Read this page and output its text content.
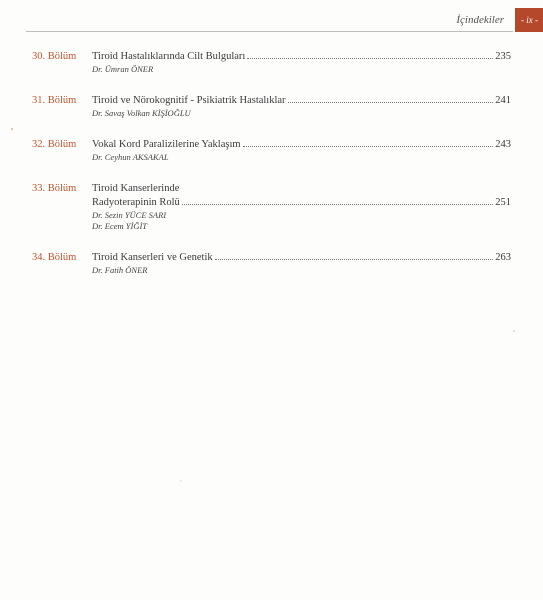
İçindekiler	- ix -
30. Bölüm	Tiroid Hastalıklarında Cilt Bulguları	235
Dr. Ümran ÖNER
31. Bölüm	Tiroid ve Nörokognitif - Psikiatrik Hastalıklar	241
Dr. Savaş Volkan KİŞİOĞLU
32. Bölüm	Vokal Kord Paralizilerine Yaklaşım	243
Dr. Ceyhun AKSAKAL
33. Bölüm	Tiroid Kanserlerinde
Radyoterapinin Rolü	251
Dr. Sezin YÜCE SARI
Dr. Ecem YİĞİT
34. Bölüm	Tiroid Kanserleri ve Genetik	263
Dr. Fatih ÖNER
